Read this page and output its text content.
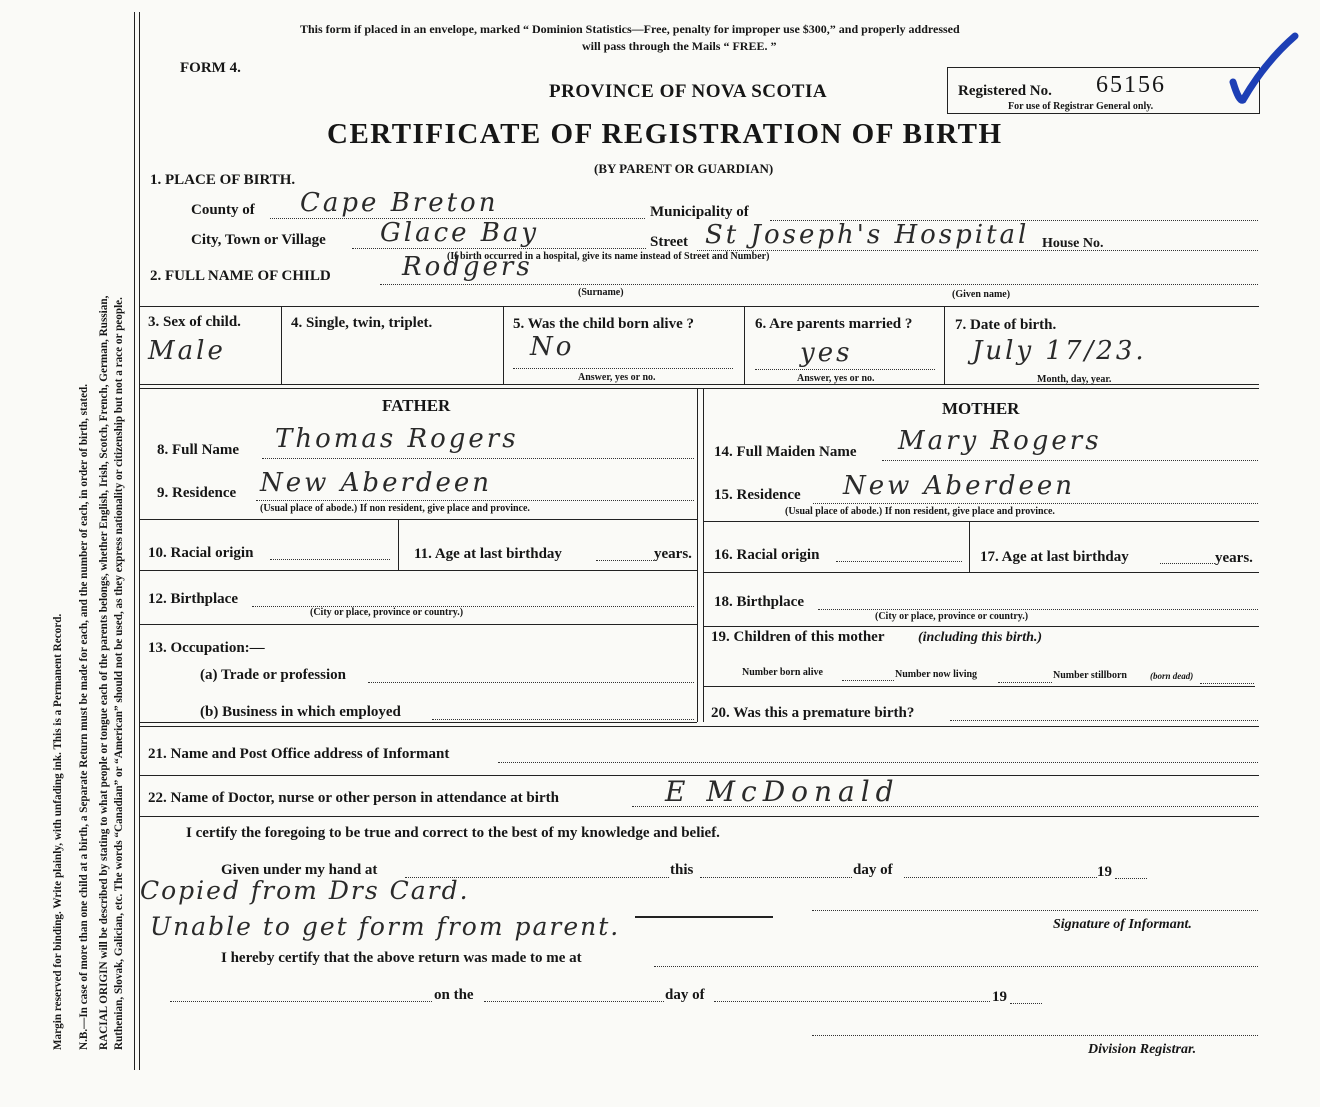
Margin reserved for binding. Write plainly, with unfading ink. This is a Permanent Record. N.B.—In case of more than one child at a birth, a Separate Return must be made for each, and the number of each, in order of birth, stated. RACIAL ORIGIN will be described by stating to what people or tongue each of the parents belongs, whether English, Irish, Scotch, French, German, Russian, Ruthenian, Slovak, Galician, etc. The words “Canadian” or “American” should not be used, as they express nationality or citizenship but not a race or people.
This form if placed in an envelope, marked “ Dominion Statistics—Free, penalty for improper use $300,” and properly addressed
will pass through the Mails “ FREE. ”
FORM 4.
PROVINCE OF NOVA SCOTIA
CERTIFICATE OF REGISTRATION OF BIRTH
(BY PARENT OR GUARDIAN)
Registered No. 65156
For use of Registrar General only.
1. PLACE OF BIRTH.
County of Cape Breton	Municipality of
City, Town or Village Glace Bay	Street St Joseph's Hospital House No.
(If birth occurred in a hospital, give its name instead of Street and Number)
2. FULL NAME OF CHILD	Rodgers
(Surname)	(Given name)
3. Sex of child.
Male
4. Single, twin, triplet.	5. Was the child born alive ?
No
Answer, yes or no.
6. Are parents married ?
yes
Answer, yes or no.
7. Date of birth.
July 17/23.
Month, day, year.
FATHER	MOTHER
8. Full Name Thomas Rogers	14. Full Maiden Name Mary Rogers
9. Residence New Aberdeen
(Usual place of abode.) If non resident, give place and province.
15. Residence New Aberdeen
(Usual place of abode.) If non resident, give place and province.
10. Racial origin	11. Age at last birthday	years. 16. Racial origin	17. Age at last birthday	years.
12. Birthplace
(City or place, province or country.)
18. Birthplace
(City or place, province or country.)
13. Occupation:—
(a) Trade or profession
(b) Business in which employed
19. Children of this mother (including this birth.)
Number born alive	Number now living	Number stillborn	(born dead)
20. Was this a premature birth?
21. Name and Post Office address of Informant
22. Name of Doctor, nurse or other person in attendance at birth	E McDonald
I certify the foregoing to be true and correct to the best of my knowledge and belief.
Given under my hand at	this	day of	19
Copied from Drs Card.
Unable to get form from parent.	Signature of Informant.
I hereby certify that the above return was made to me at
on the	day of	19
Division Registrar.
